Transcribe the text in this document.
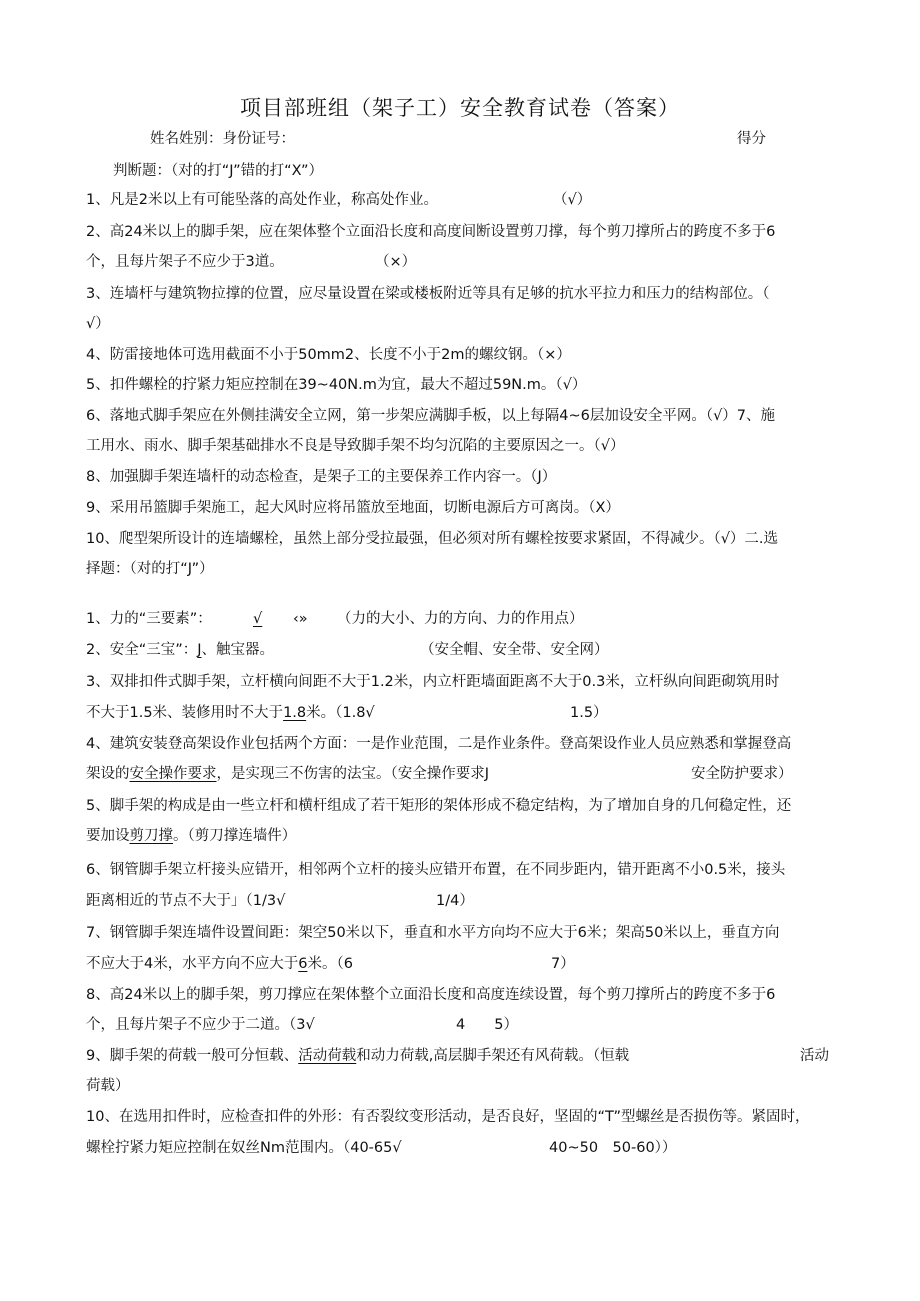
项目部班组（架子工）安全教育试卷（答案）
姓名姓别：身份证号：	得分
判断题：（对的打“J”错的打“X”）
1、凡是2米以上有可能坠落的高处作业，称高处作业。	（√）
2、高24米以上的脚手架，应在架体整个立面沿长度和高度间断设置剪刀撑，每个剪刀撑所占的跨度不多于6
个，且每片架子不应少于3道。	（×）
3、连墙杆与建筑物拉撑的位置，应尽量设置在梁或楼板附近等具有足够的抗水平拉力和压力的结构部位。（
√）
4、防雷接地体可选用截面不小于50mm2、长度不小于2m的螺纹钢。（×）
5、扣件螺栓的拧紧力矩应控制在39~40N.m为宜，最大不超过59N.m。（√）
6、落地式脚手架应在外侧挂满安全立网，第一步架应满脚手板，以上每隔4~6层加设安全平网。（√）7、施
工用水、雨水、脚手架基础排水不良是导致脚手架不均匀沉陷的主要原因之一。（√）
8、加强脚手架连墙杆的动态检查，是架子工的主要保养工作内容一。（J）
9、采用吊篮脚手架施工，起大风时应将吊篮放至地面，切断电源后方可离岗。（X）
10、爬型架所设计的连墙螺栓，虽然上部分受拉最强，但必须对所有螺栓按要求紧固，不得减少。（√）二.选
择题：（对的打“J”）
1、力的“三要素”：	√ ‹» （力的大小、力的方向、力的作用点）
2、安全“三宝”：J、触宝器。	（安全帽、安全带、安全网）
3、双排扣件式脚手架，立杆横向间距不大于1.2米，内立杆距墙面距离不大于0.3米，立杆纵向间距砌筑用时
不大于1.5米、装修用时不大于1.8米。（1.8√	1.5）
4、建筑安装登高架设作业包括两个方面：一是作业范围，二是作业条件。登高架设作业人员应熟悉和掌握登高
架设的安全操作要求，是实现三不伤害的法宝。（安全操作要求J	安全防护要求）
5、脚手架的构成是由一些立杆和横杆组成了若干矩形的架体形成不稳定结构，为了增加自身的几何稳定性，还
要加设剪刀撑。（剪刀撑连墙件）
6、钢管脚手架立杆接头应错开，相邻两个立杆的接头应错开布置，在不同步距内，错开距离不小0.5米，接头
距离相近的节点不大于」（1/3√	1/4）
7、钢管脚手架连墙件设置间距：架空50米以下，垂直和水平方向均不应大于6米；架高50米以上，垂直方向
不应大于4米，水平方向不应大于6米。（6	7）
8、高24米以上的脚手架，剪刀撑应在架体整个立面沿长度和高度连续设置，每个剪刀撑所占的跨度不多于6
个，且每片架子不应少于二道。（3√	4　　5）
9、脚手架的荷载一般可分恒载、活动荷载和动力荷载,高层脚手架还有风荷载。（恒载	活动
荷载）
10、在选用扣件时，应检查扣件的外形：有否裂纹变形活动，是否良好，坚固的“T”型螺丝是否损伤等。紧固时，
螺栓拧紧力矩应控制在奴丝Nm范围内。（40-65√	40~50　50-60））
